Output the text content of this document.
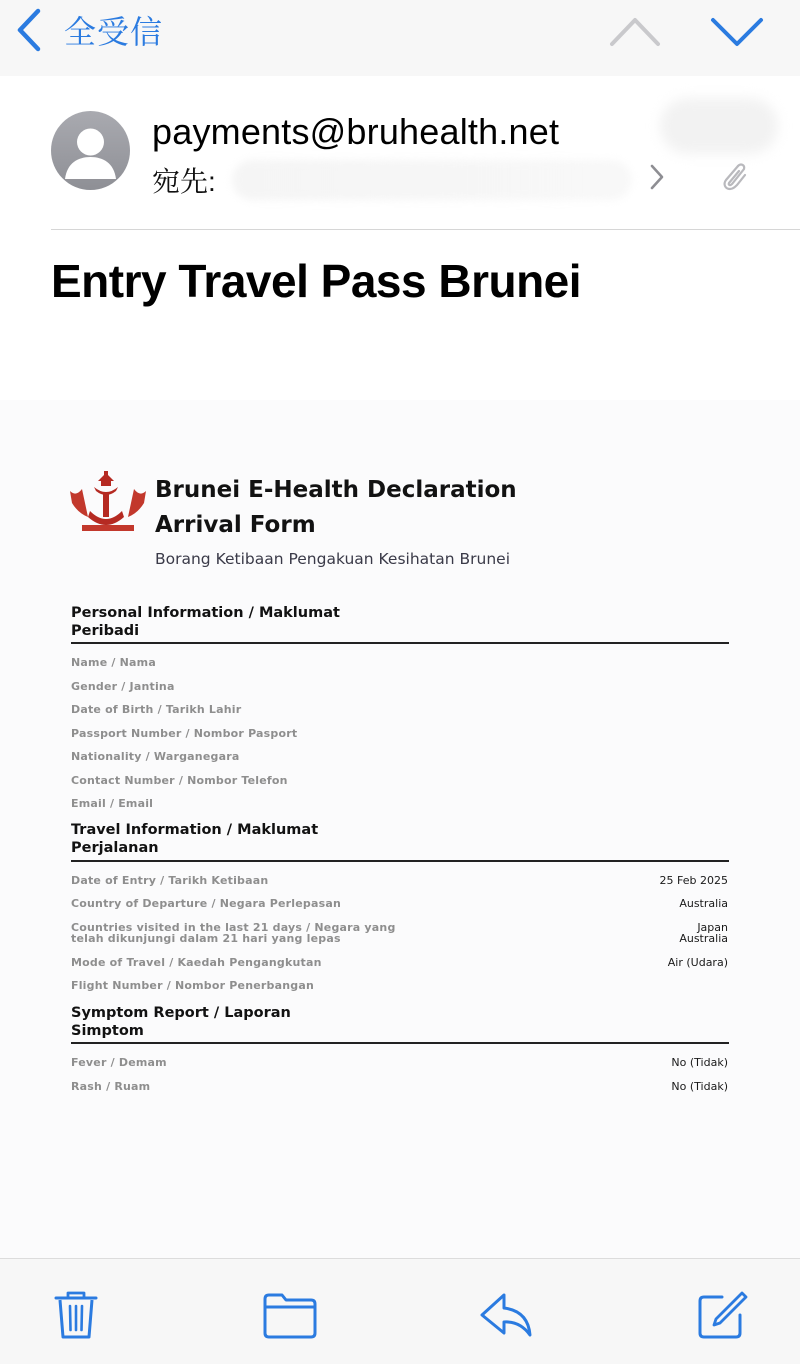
全受信
payments@bruhealth.net
宛先:
Entry Travel Pass Brunei
Brunei E-Health Declaration Arrival Form
Borang Ketibaan Pengakuan Kesihatan Brunei
Personal Information / Maklumat Peribadi
Name / Nama
Gender / Jantina
Date of Birth / Tarikh Lahir
Passport Number / Nombor Pasport
Nationality / Warganegara
Contact Number / Nombor Telefon
Email / Email
Travel Information / Maklumat Perjalanan
Date of Entry / Tarikh Ketibaan	25 Feb 2025
Country of Departure / Negara Perlepasan	Australia
Countries visited in the last 21 days / Negara yang telah dikunjungi dalam 21 hari yang lepas
Japan
Australia
Mode of Travel / Kaedah Pengangkutan	Air (Udara)
Flight Number / Nombor Penerbangan
Symptom Report / Laporan Simptom
Fever / Demam	No (Tidak)
Rash / Ruam	No (Tidak)
